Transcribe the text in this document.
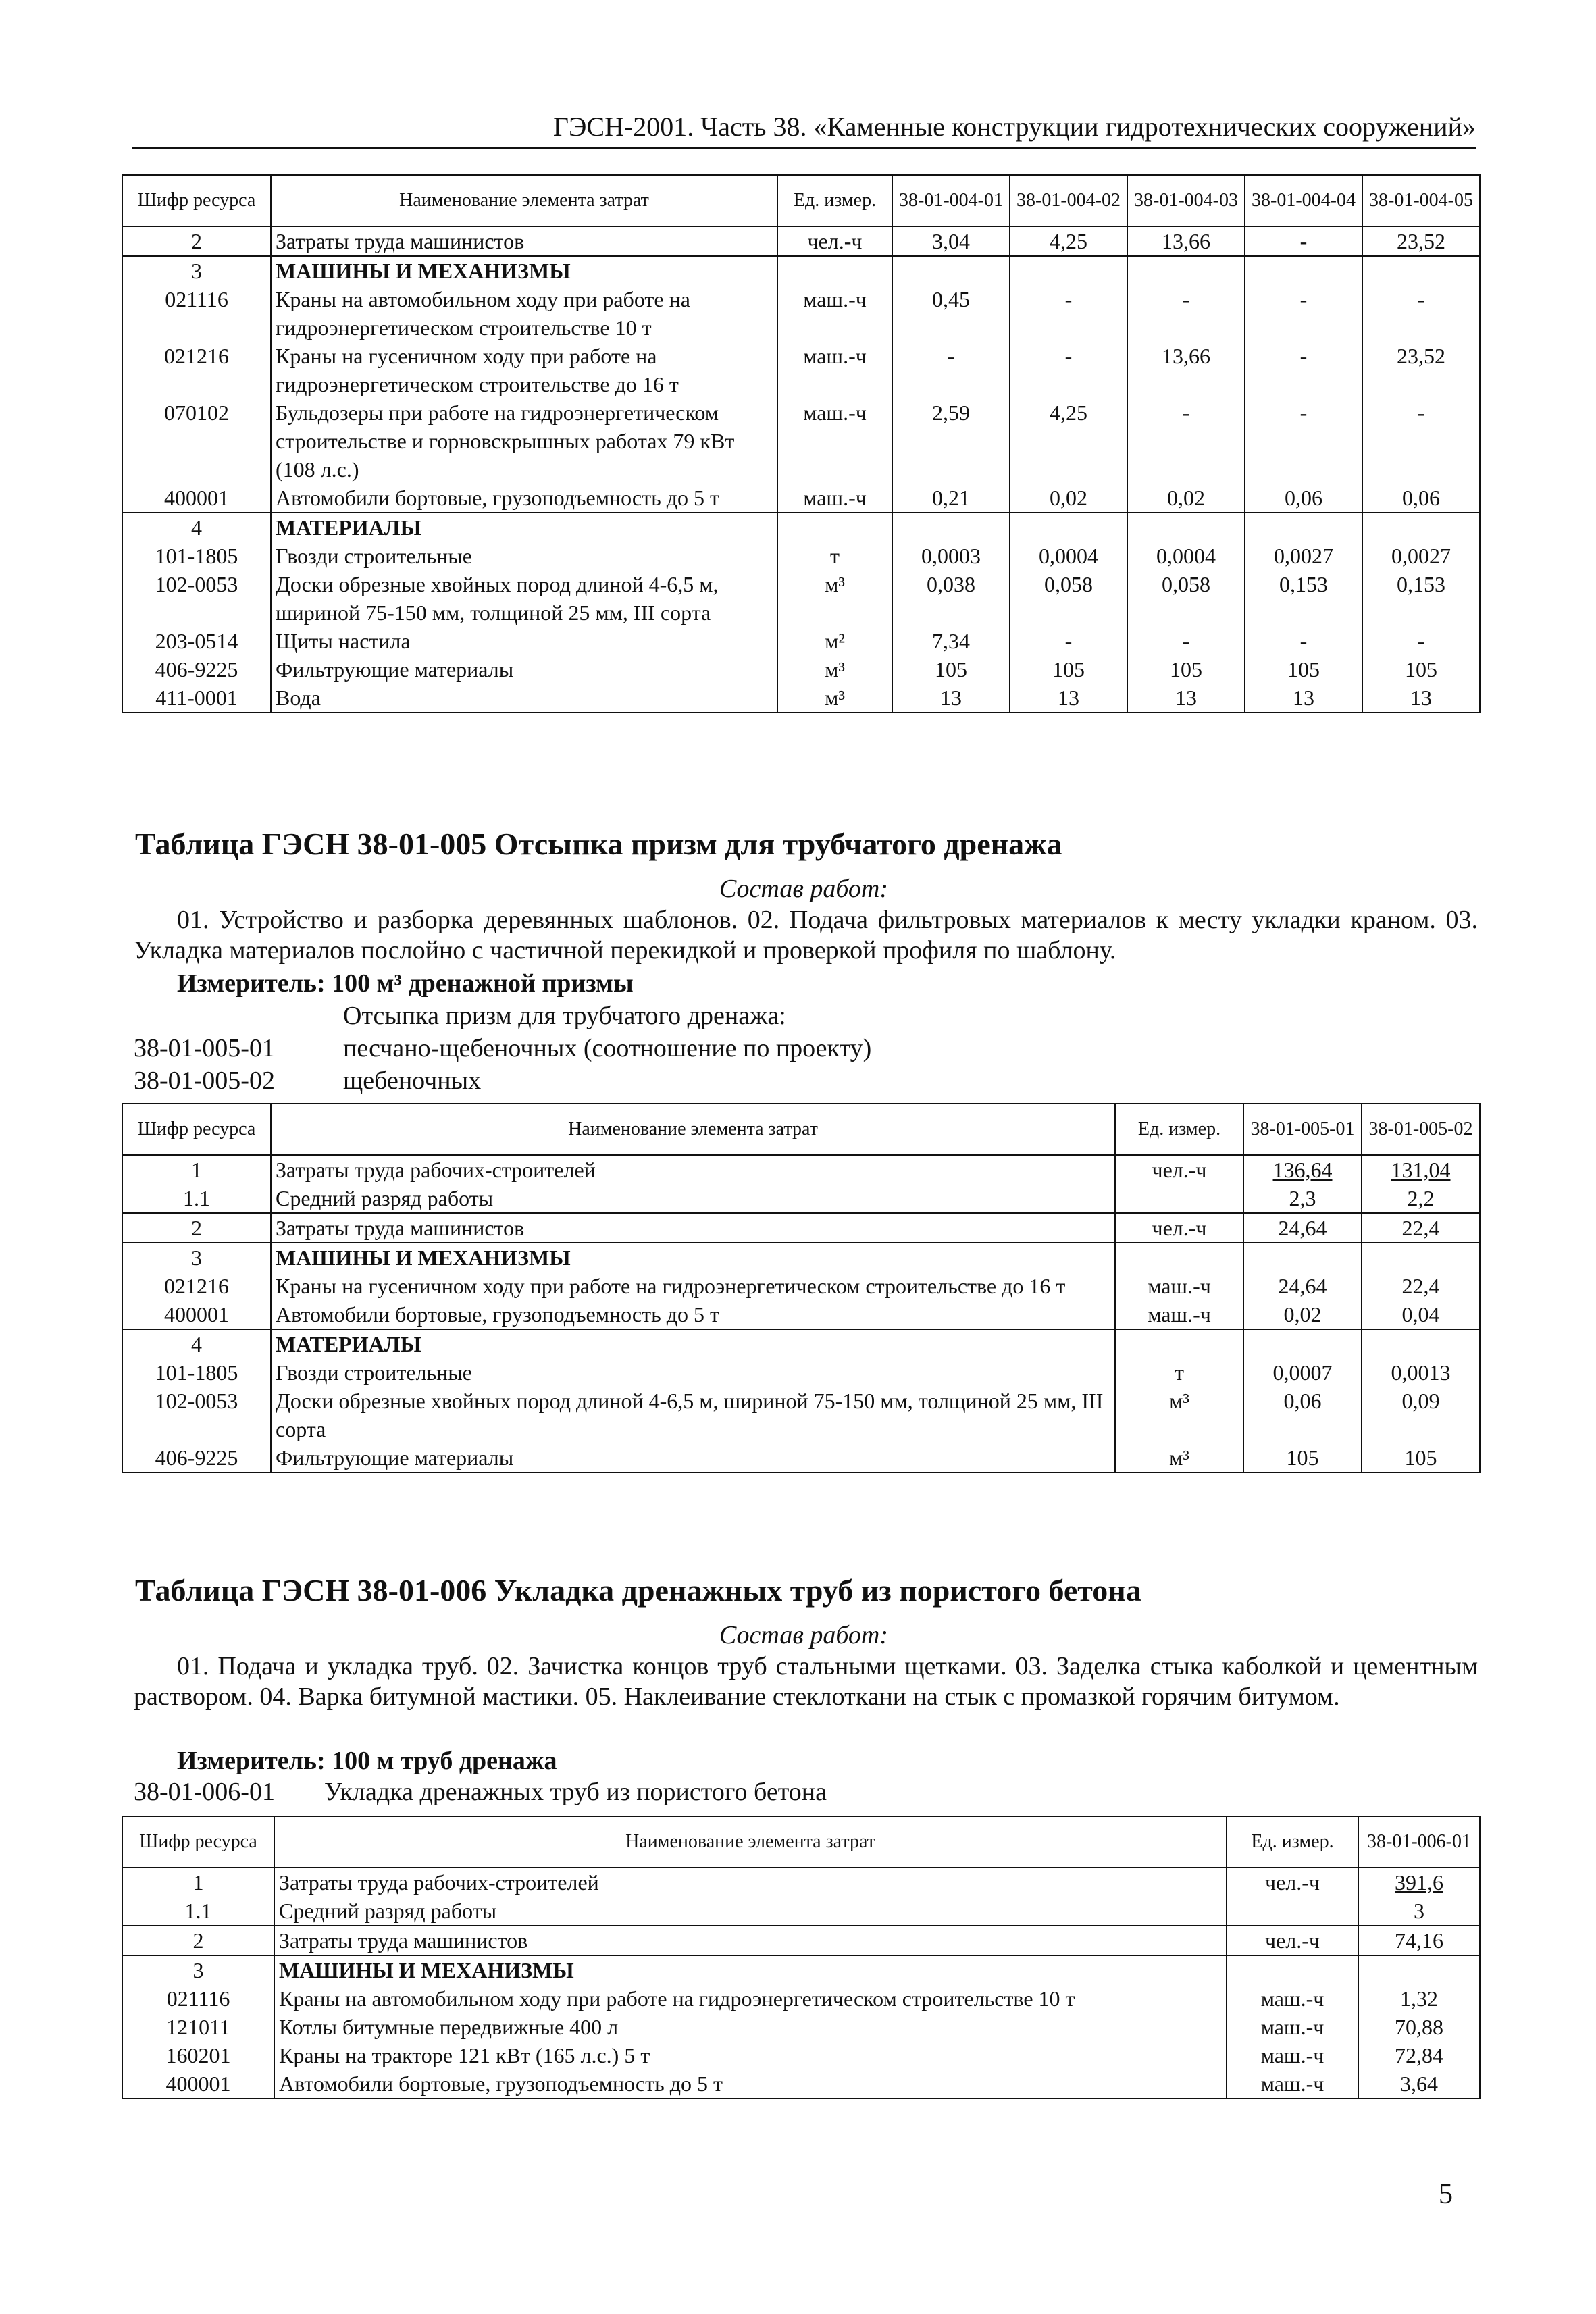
ГЭСН-2001. Часть 38. «Каменные конструкции гидротехнических сооружений»
Шифр ресурса	Наименование элемента затрат	Ед. измер.	38-01-004-01	38-01-004-02	38-01-004-03	38-01-004-04	38-01-004-05
2	Затраты труда машинистов	чел.-ч	3,04	4,25	13,66	-	23,52
3	МАШИНЫ И МЕХАНИЗМЫ						
021116	Краны на автомобильном ходу при работе на гидроэнергетическом строительстве 10 т	маш.-ч	0,45	-	-	-	-
021216	Краны на гусеничном ходу при работе на гидроэнергетическом строительстве до 16 т	маш.-ч	-	-	13,66	-	23,52
070102	Бульдозеры при работе на гидроэнергетическом строительстве и горновскрышных работах 79 кВт (108 л.с.)	маш.-ч	2,59	4,25	-	-	-
400001	Автомобили бортовые, грузоподъемность до 5 т	маш.-ч	0,21	0,02	0,02	0,06	0,06
4	МАТЕРИАЛЫ						
101-1805	Гвозди строительные	т	0,0003	0,0004	0,0004	0,0027	0,0027
102-0053	Доски обрезные хвойных пород длиной 4-6,5 м, шириной 75-150 мм, толщиной 25 мм, III сорта	м³	0,038	0,058	0,058	0,153	0,153
203-0514	Щиты настила	м²	7,34	-	-	-	-
406-9225	Фильтрующие материалы	м³	105	105	105	105	105
411-0001	Вода	м³	13	13	13	13	13
Таблица ГЭСН 38-01-005 Отсыпка призм для трубчатого дренажа
Состав работ:

01. Устройство и разборка деревянных шаблонов. 02. Подача фильтровых материалов к месту укладки краном. 03. Укладка материалов послойно с частичной перекидкой и проверкой профиля по шаблону.

Измеритель: 100 м³ дренажной призмы
Отсыпка призм для трубчатого дренажа:
38-01-005-01	песчано-щебеночных (соотношение по проекту)
38-01-005-02	щебеночных
Шифр ресурса	Наименование элемента затрат	Ед. измер.	38-01-005-01	38-01-005-02
1	Затраты труда рабочих-строителей	чел.-ч	136,64	131,04
1.1	Средний разряд работы		2,3	2,2
2	Затраты труда машинистов	чел.-ч	24,64	22,4
3	МАШИНЫ И МЕХАНИЗМЫ			
021216	Краны на гусеничном ходу при работе на гидроэнергетическом строительстве до 16 т	маш.-ч	24,64	22,4
400001	Автомобили бортовые, грузоподъемность до 5 т	маш.-ч	0,02	0,04
4	МАТЕРИАЛЫ			
101-1805	Гвозди строительные	т	0,0007	0,0013
102-0053	Доски обрезные хвойных пород длиной 4-6,5 м, шириной 75-150 мм, толщиной 25 мм, III сорта	м³	0,06	0,09
406-9225	Фильтрующие материалы	м³	105	105
Таблица ГЭСН 38-01-006 Укладка дренажных труб из пористого бетона
Состав работ:

01. Подача и укладка труб. 02. Зачистка концов труб стальными щетками. 03. Заделка стыка каболкой и цементным раствором. 04. Варка битумной мастики. 05. Наклеивание стеклоткани на стык с промазкой горячим битумом.

Измеритель: 100 м труб дренажа
38-01-006-01 Укладка дренажных труб из пористого бетона
Шифр ресурса	Наименование элемента затрат	Ед. измер.	38-01-006-01
1	Затраты труда рабочих-строителей	чел.-ч	391,6
1.1	Средний разряд работы		3
2	Затраты труда машинистов	чел.-ч	74,16
3	МАШИНЫ И МЕХАНИЗМЫ		
021116	Краны на автомобильном ходу при работе на гидроэнергетическом строительстве 10 т	маш.-ч	1,32
121011	Котлы битумные передвижные 400 л	маш.-ч	70,88
160201	Краны на тракторе 121 кВт (165 л.с.) 5 т	маш.-ч	72,84
400001	Автомобили бортовые, грузоподъемность до 5 т	маш.-ч	3,64
5
